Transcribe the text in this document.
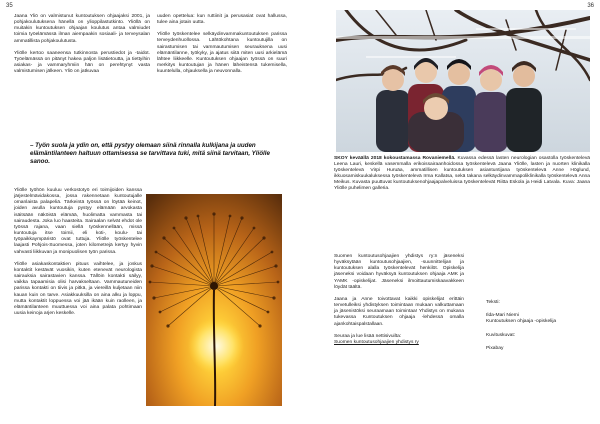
35

Jaana Yliö on valmistunut kuntoutuksen ohjaajaksi 2001, ja pohjakoulutuksena hänellä on ylioppilastutkinto. Yliöllä on muitakin kuntoutuksen ohjaajan koulutus antaa valmiudet toimia työelämässä ilman aiempaakin sosiaali- ja terveysalan ammatillista pohjakoulutusta.

Yliölle kertoo saaneensa tutkinnosta perustiedot ja -taidot. Työelämässä on pitänyt hakea paljon lisätietoutta, ja tiettyihin asiakas- ja vammaryhmiin hän on perehtynyt vasta valmistumisen jälkeen. Yliö on jatkuvaa

uuden opettelua: kun ruttiinit ja perusasiat ovat hallussa, tulee aina jotain uutta.

Yliölle työskentelee selkäydinvammakuntoutuksen parissa terveydenhuollossa. Lähtökohtana kuntoutujilla on sairastumisen tai vammautumisen seurauksena uusi elämäntilanne, työkyky, ja ajatus siitä miten uusi arkielämä lähtee liikkeelle. Kuntoutuksen ohjaajan työssä on suuri merkitys kuntoutujan ja hänen läheistensä tukemisella, kuuntelulla, ohjauksella ja neuvonnalla.

– Työn suola ja ydin on, että pystyy olemaan siinä rinnalla kulkijana ja uuden elämäntilanteen haltuun ottamisessa se tarvittava tuki, mitä siinä tarvitaan, Yliölle sanoo.

Yliölle työhön kuuluu verkostotyö eri toimijoiden kanssa järjestelmävidakossa, jossa rakennetaan kuntoutujalle omanlaista palapeliä. Tärkeintä työssä on löytää keinot, joiden avulla kuntoutuja pystyy elämään arvokasta isäitsään näköistä elämää, huolimatta vammasta tai sairaudesta. Joka luo haasteita. Sairaalan selvät ehdot ole työssä rajana, vaan siellä työskennellään, missä kuntoutuja itse toimii, eli koti-, koulu- tai työpaikkaympäristö ovat tuttuja. Yliölle työskentelee laajasti Pohjois-Suomessa, joten kilometrejä kertyy hyvin vahvasti liikkuvan ja monipuolisen työn parissa.

Yliölle asiakaskontaktien pituus vaihtelee, ja joskus kontaktit kestävät vuosikin, kuten etenevät neurologista sairauksia sairastavien kanssa. Tällöin kontakti säilyy, vaikka tapaamisia olisi harvakseltaan. Vammautuneiden parissa kontakti on tiivis ja pitkä, ja viereillä kuljetaan niin kauan kuin on tarve. Asiakkuuksilla on aina alku ja loppu, mutta kontaktit loppuessa voi jää ikään kuin raolleen, ja elämäntilanteen muuttuessa voi aina palata pohtimaan uusia keinoja arjen keskelle.

36
SKOY keväällä 2018 kokoustamassa Rovaniemellä. Kuvassa edessä lasten neurologian osastolla työskentelevä Leena Lauri, keskellä vasemmalla erikoissairaanhoidossa työskentelevä Jaana Yliölle, lasten ja nuorten klinikalla työskentelevä Virpi Huruäa, ammatillisen kuntoutuksen asiantuntijana työskentelevä Anne Höglund, ikkuosamiskuukaluksessa työskentelevä Irma Kallatsa, sekä takana selkäydinvammapoliklinikalla työskentelevä Anna Meikus. Kuvasta puuttuvat kuntoutuksenohjaajapalveluissa työskentelevät Riitta Eskola ja Heidi Latvala. Kuva: Jaana Yliölle puhelimen galleria.

Suomen kuntoutusohjaajien yhdistys ry:n jäseneksi hyväksytään kuntoutusohjaajien, -suunnittelijan ja kuntoutuksen alalla työskentelevät henkilöt. Opiskelija jäseneksi voidaan hyväksyä kuntoutuksen ohjaaja AMK ja YAMK -opiskelijat. Jäseneksi ilmoittautumiskaavakkeen löydät täältä.

Jaana ja Anne toivottavat kaikki opiskelijat erittäin tervetulleiksi yhdistyksen toimintaan mukaan valkuttamaan ja jäsenistöksi seuraamaan toimintaa! Yhdistys on mukana tukevassa Kuntoutuksen ohjaaja -lehdessä omalla ajankohtaispalstallaan.

Seuraa ja lue lisää nettisivuilta:

Suomen kuntoutusohjaajien yhdistys ry

Teksti:
Ilda-Mari Niemi
Kuntoutuksen ohjaaja -opiskelija
Kuvituskuvat:
Pixabay
